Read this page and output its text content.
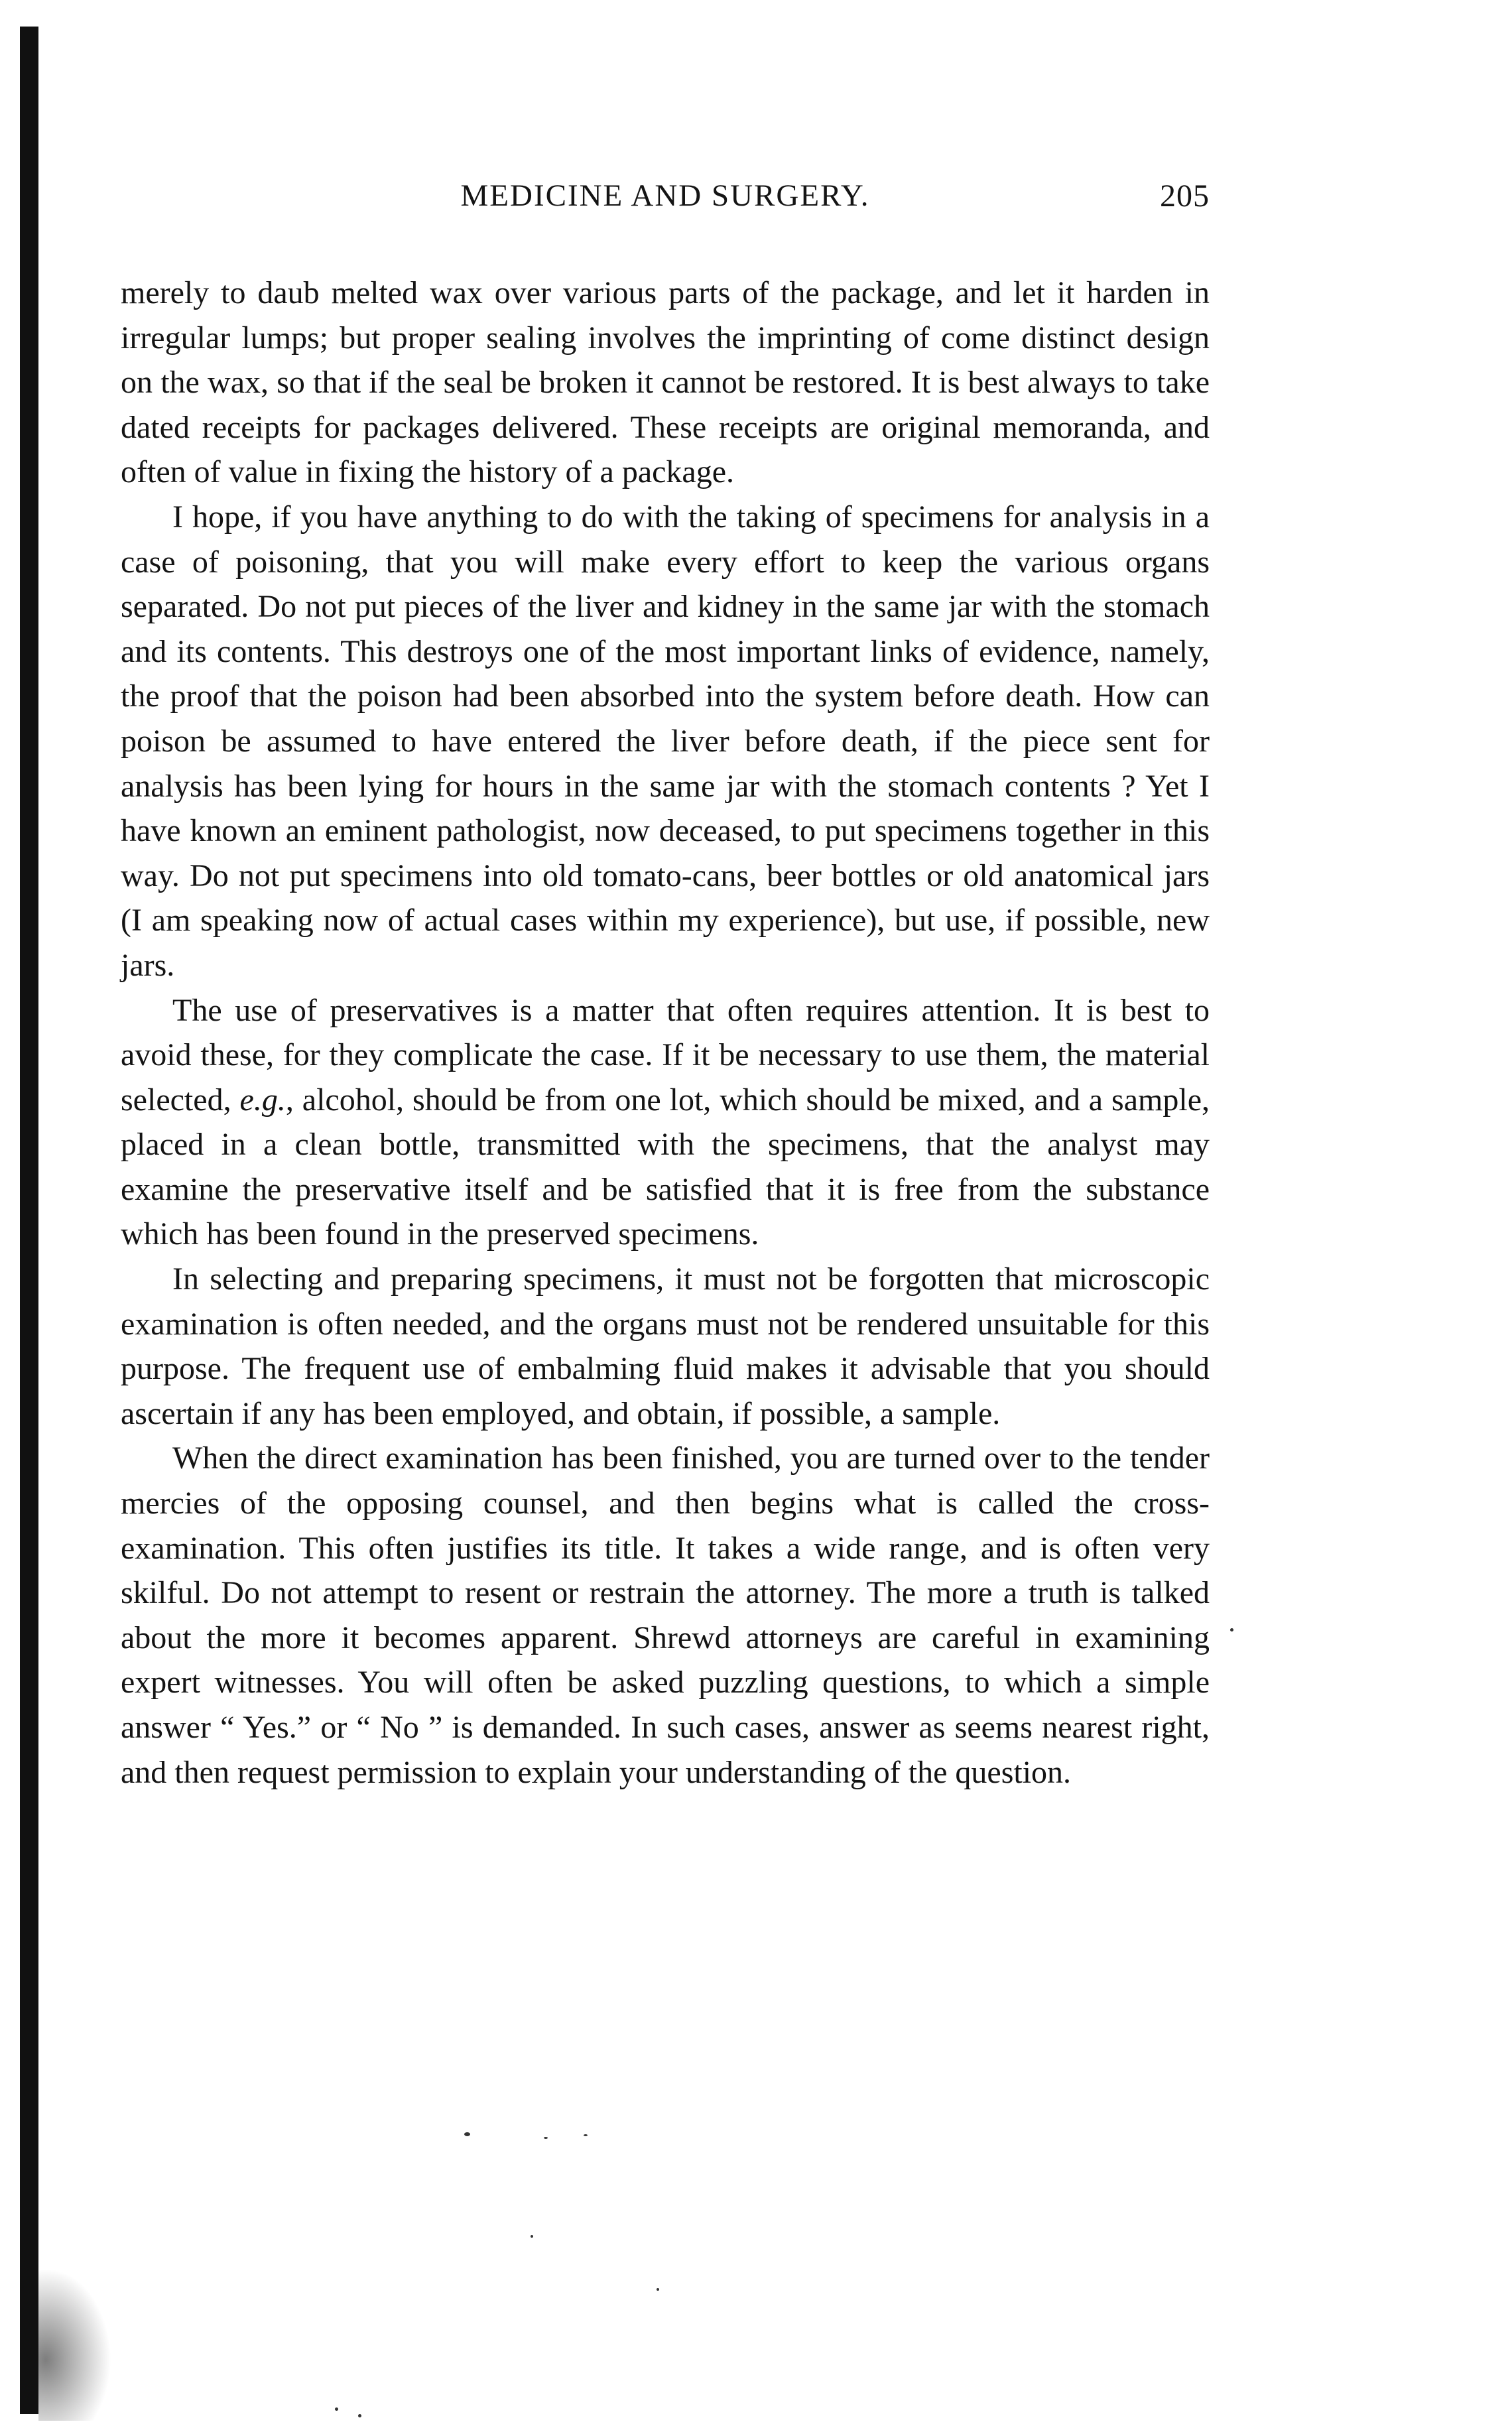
MEDICINE AND SURGERY.	205

merely to daub melted wax over various parts of the package, and let it harden in irregular lumps; but proper sealing involves the imprinting of come distinct design on the wax, so that if the seal be broken it cannot be restored. It is best always to take dated receipts for packages delivered. These receipts are original memoranda, and often of value in fixing the history of a package.

I hope, if you have anything to do with the taking of specimens for analysis in a case of poisoning, that you will make every effort to keep the various organs separated. Do not put pieces of the liver and kidney in the same jar with the stomach and its contents. This destroys one of the most important links of evidence, namely, the proof that the poison had been absorbed into the system before death. How can poison be assumed to have entered the liver before death, if the piece sent for analysis has been lying for hours in the same jar with the stomach contents ? Yet I have known an eminent pathologist, now deceased, to put specimens together in this way. Do not put specimens into old tomato-cans, beer bottles or old anatomical jars (I am speaking now of actual cases within my experience), but use, if possible, new jars.

The use of preservatives is a matter that often requires attention. It is best to avoid these, for they complicate the case. If it be necessary to use them, the material selected, e.g., alcohol, should be from one lot, which should be mixed, and a sample, placed in a clean bottle, transmitted with the specimens, that the analyst may examine the preservative itself and be satisfied that it is free from the substance which has been found in the preserved specimens.

In selecting and preparing specimens, it must not be forgotten that microscopic examination is often needed, and the organs must not be rendered unsuitable for this purpose. The frequent use of embalming fluid makes it advisable that you should ascertain if any has been employed, and obtain, if possible, a sample.

When the direct examination has been finished, you are turned over to the tender mercies of the opposing counsel, and then begins what is called the cross-examination. This often justifies its title. It takes a wide range, and is often very skilful. Do not attempt to resent or restrain the attorney. The more a truth is talked about the more it becomes apparent. Shrewd attorneys are careful in examining expert witnesses. You will often be asked puzzling questions, to which a simple answer “ Yes.” or “ No ” is demanded. In such cases, answer as seems nearest right, and then request permission to explain your understanding of the question.
